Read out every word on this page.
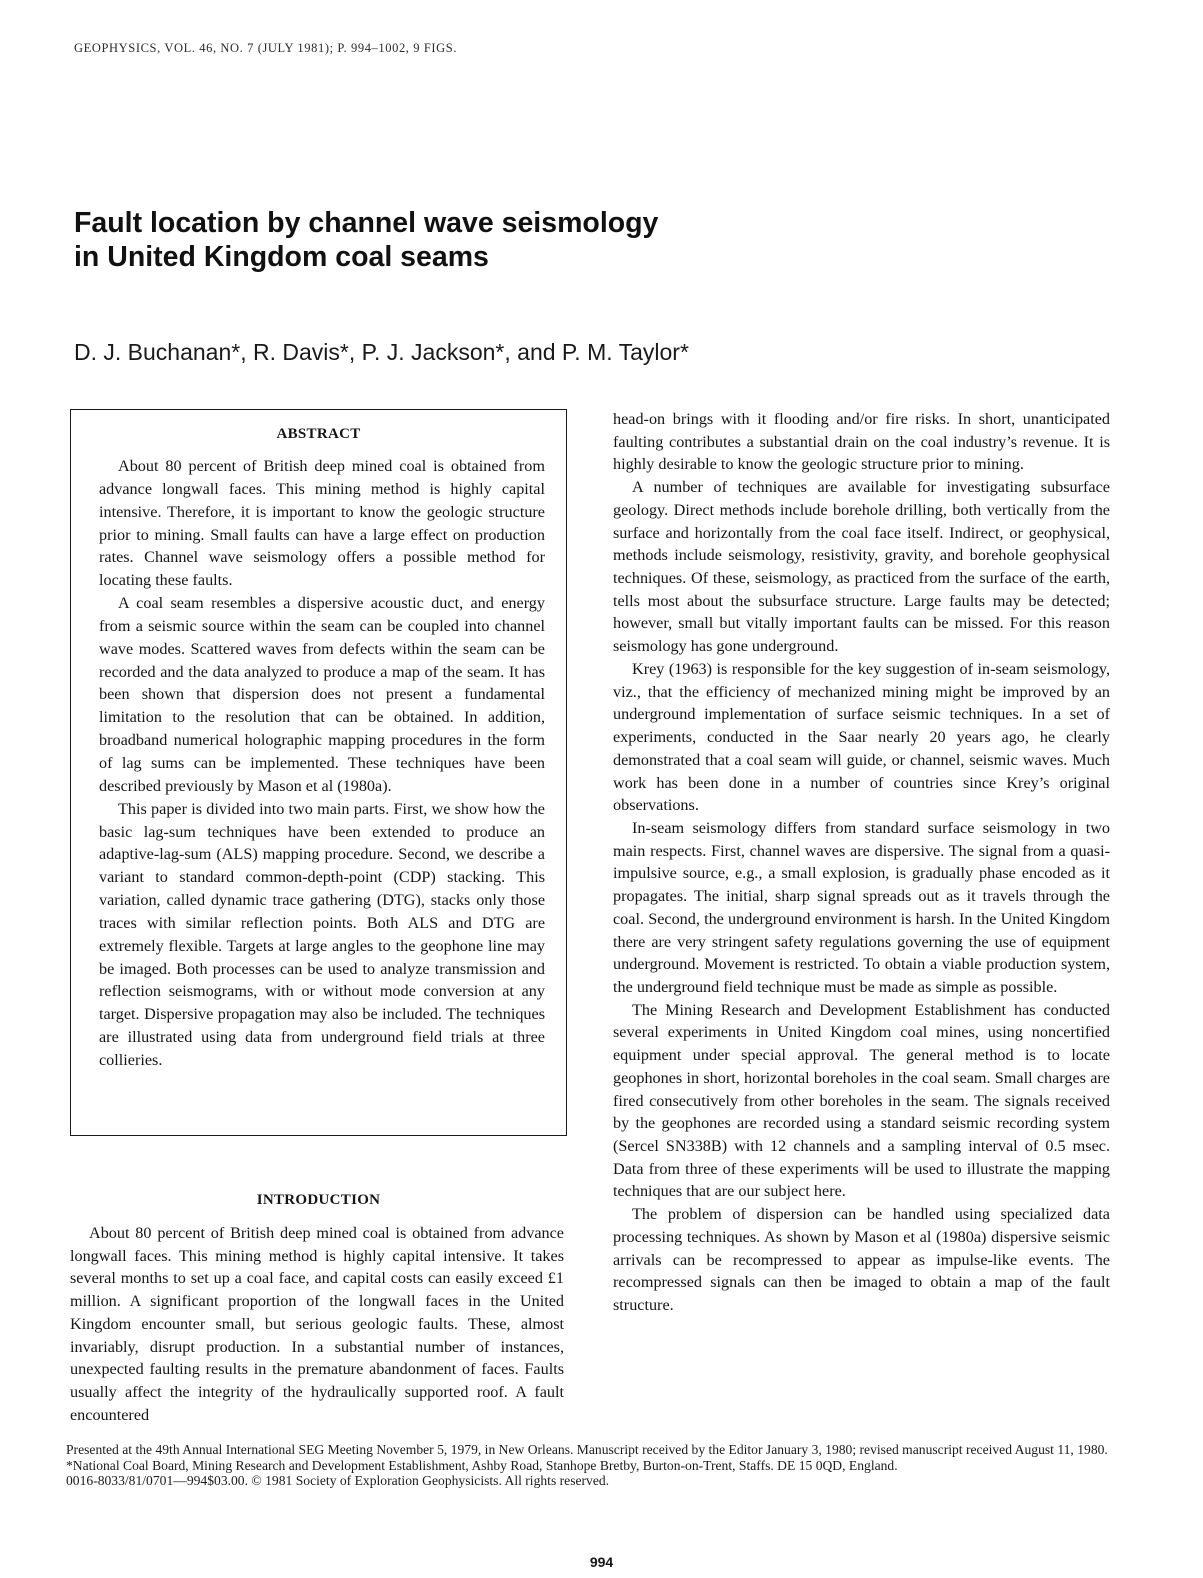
GEOPHYSICS, VOL. 46, NO. 7 (JULY 1981); P. 994–1002, 9 FIGS.
Fault location by channel wave seismology
in United Kingdom coal seams
D. J. Buchanan*, R. Davis*, P. J. Jackson*, and P. M. Taylor*
ABSTRACT

About 80 percent of British deep mined coal is obtained from advance longwall faces. This mining method is highly capital intensive. Therefore, it is important to know the geologic structure prior to mining. Small faults can have a large effect on production rates. Channel wave seismology offers a possible method for locating these faults.

A coal seam resembles a dispersive acoustic duct, and energy from a seismic source within the seam can be coupled into channel wave modes. Scattered waves from defects within the seam can be recorded and the data analyzed to produce a map of the seam. It has been shown that dispersion does not present a fundamental limitation to the resolution that can be obtained. In addition, broadband numerical holographic mapping procedures in the form of lag sums can be implemented. These techniques have been described previously by Mason et al (1980a).

This paper is divided into two main parts. First, we show how the basic lag-sum techniques have been extended to produce an adaptive-lag-sum (ALS) mapping procedure. Second, we describe a variant to standard common-depth-point (CDP) stacking. This variation, called dynamic trace gathering (DTG), stacks only those traces with similar reflection points. Both ALS and DTG are extremely flexible. Targets at large angles to the geophone line may be imaged. Both processes can be used to analyze transmission and reflection seismograms, with or without mode conversion at any target. Dispersive propagation may also be included. The techniques are illustrated using data from underground field trials at three collieries.

INTRODUCTION

About 80 percent of British deep mined coal is obtained from advance longwall faces. This mining method is highly capital intensive. It takes several months to set up a coal face, and capital costs can easily exceed £1 million. A significant proportion of the longwall faces in the United Kingdom encounter small, but serious geologic faults. These, almost invariably, disrupt production. In a substantial number of instances, unexpected faulting results in the premature abandonment of faces. Faults usually affect the integrity of the hydraulically supported roof. A fault encountered

head-on brings with it flooding and/or fire risks. In short, unanticipated faulting contributes a substantial drain on the coal industry’s revenue. It is highly desirable to know the geologic structure prior to mining.

A number of techniques are available for investigating subsurface geology. Direct methods include borehole drilling, both vertically from the surface and horizontally from the coal face itself. Indirect, or geophysical, methods include seismology, resistivity, gravity, and borehole geophysical techniques. Of these, seismology, as practiced from the surface of the earth, tells most about the subsurface structure. Large faults may be detected; however, small but vitally important faults can be missed. For this reason seismology has gone underground.

Krey (1963) is responsible for the key suggestion of in-seam seismology, viz., that the efficiency of mechanized mining might be improved by an underground implementation of surface seismic techniques. In a set of experiments, conducted in the Saar nearly 20 years ago, he clearly demonstrated that a coal seam will guide, or channel, seismic waves. Much work has been done in a number of countries since Krey’s original observations.

In-seam seismology differs from standard surface seismology in two main respects. First, channel waves are dispersive. The signal from a quasi-impulsive source, e.g., a small explosion, is gradually phase encoded as it propagates. The initial, sharp signal spreads out as it travels through the coal. Second, the underground environment is harsh. In the United Kingdom there are very stringent safety regulations governing the use of equipment underground. Movement is restricted. To obtain a viable production system, the underground field technique must be made as simple as possible.

The Mining Research and Development Establishment has conducted several experiments in United Kingdom coal mines, using noncertified equipment under special approval. The general method is to locate geophones in short, horizontal boreholes in the coal seam. Small charges are fired consecutively from other boreholes in the seam. The signals received by the geophones are recorded using a standard seismic recording system (Sercel SN338B) with 12 channels and a sampling interval of 0.5 msec. Data from three of these experiments will be used to illustrate the mapping techniques that are our subject here.

The problem of dispersion can be handled using specialized data processing techniques. As shown by Mason et al (1980a) dispersive seismic arrivals can be recompressed to appear as impulse-like events. The recompressed signals can then be imaged to obtain a map of the fault structure.

Presented at the 49th Annual International SEG Meeting November 5, 1979, in New Orleans. Manuscript received by the Editor January 3, 1980; revised manuscript received August 11, 1980.

*National Coal Board, Mining Research and Development Establishment, Ashby Road, Stanhope Bretby, Burton-on-Trent, Staffs. DE 15 0QD, England.

0016-8033/81/0701—994$03.00. © 1981 Society of Exploration Geophysicists. All rights reserved.

994
